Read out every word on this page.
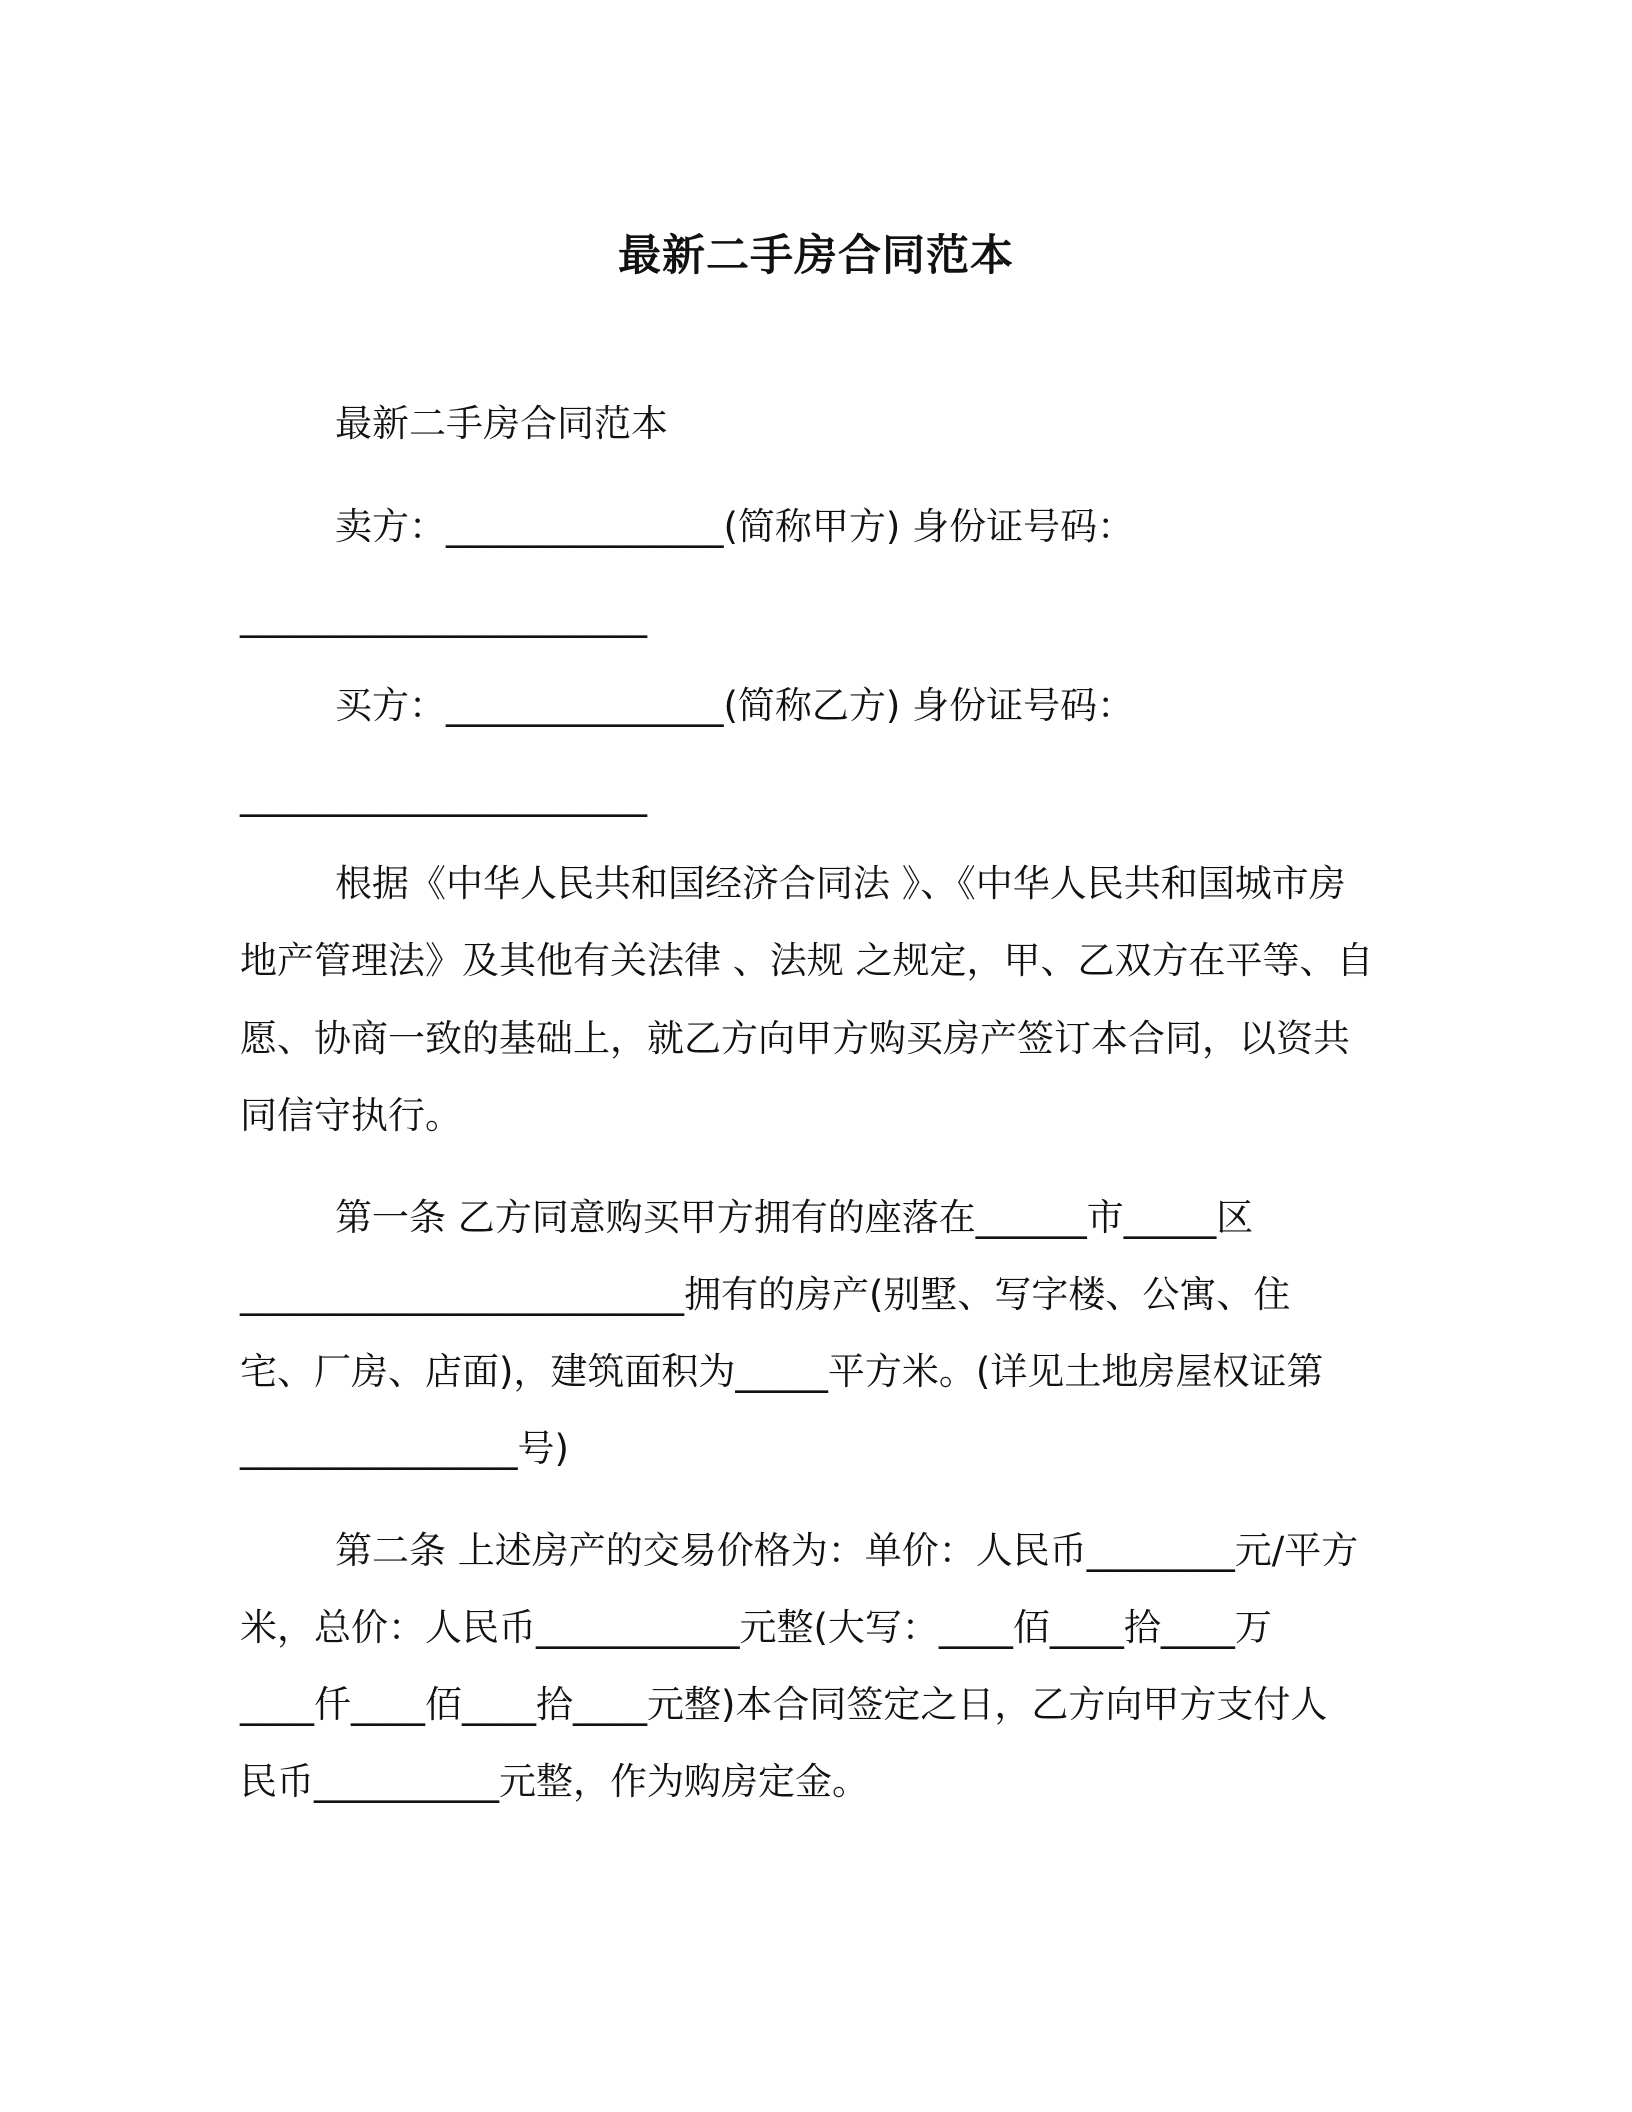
最新二手房合同范本
最新二手房合同范本
卖方：_______________(简称甲方) 身份证号码：
______________________
买方：_______________(简称乙方) 身份证号码：
______________________
根据《中华人民共和国经济合同法 》、《中华人民共和国城市房
地产管理法》及其他有关法律 、法规 之规定，甲、乙双方在平等、自
愿、协商一致的基础上，就乙方向甲方购买房产签订本合同，以资共
同信守执行。
第一条 乙方同意购买甲方拥有的座落在______市_____区
________________________拥有的房产(别墅、写字楼、公寓、住
宅、厂房、店面)，建筑面积为_____平方米。(详见土地房屋权证第
_______________号)
第二条 上述房产的交易价格为：单价：人民币________元/平方
米，总价：人民币___________元整(大写：____佰____拾____万
____仟____佰____拾____元整)本合同签定之日，乙方向甲方支付人
民币__________元整，作为购房定金。
